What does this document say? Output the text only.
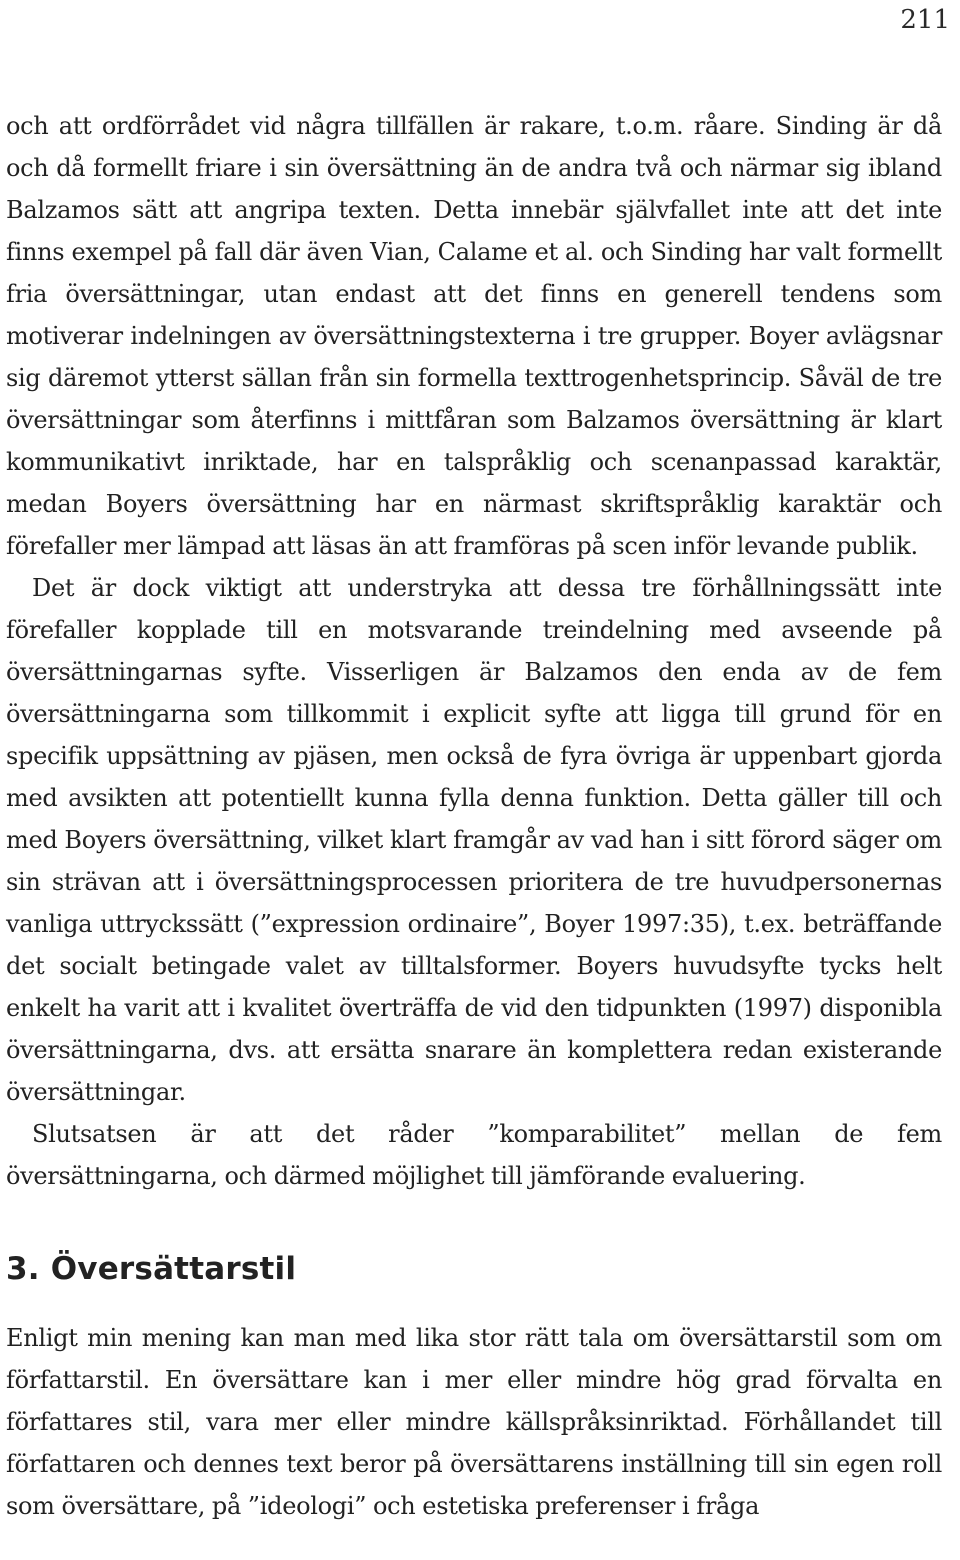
211

och att ordförrådet vid några tillfällen är rakare, t.o.m. råare. Sinding är då och då formellt friare i sin översättning än de andra två och närmar sig ibland Balzamos sätt att angripa texten. Detta innebär självfallet inte att det inte finns exempel på fall där även Vian, Calame et al. och Sinding har valt formellt fria översättningar, utan endast att det finns en generell tendens som motiverar indelningen av översättningstexterna i tre grupper. Boyer avlägsnar sig däremot ytterst sällan från sin formella texttrogenhetsprincip. Såväl de tre översättningar som återfinns i mittfåran som Balzamos översättning är klart kommunikativt inriktade, har en talspråklig och scenanpassad karaktär, medan Boyers översättning har en närmast skriftspråklig karaktär och förefaller mer lämpad att läsas än att framföras på scen inför levande publik.

Det är dock viktigt att understryka att dessa tre förhållningssätt inte förefaller kopplade till en motsvarande treindelning med avseende på översättningarnas syfte. Visserligen är Balzamos den enda av de fem översättningarna som tillkommit i explicit syfte att ligga till grund för en specifik uppsättning av pjäsen, men också de fyra övriga är uppenbart gjorda med avsikten att potentiellt kunna fylla denna funktion. Detta gäller till och med Boyers översättning, vilket klart framgår av vad han i sitt förord säger om sin strävan att i översättningsprocessen prioritera de tre huvudpersonernas vanliga uttryckssätt (”expression ordinaire”, Boyer 1997:35), t.ex. beträffande det socialt betingade valet av tilltalsformer. Boyers huvudsyfte tycks helt enkelt ha varit att i kvalitet överträffa de vid den tidpunkten (1997) disponibla översättningarna, dvs. att ersätta snarare än komplettera redan existerande översättningar.

Slutsatsen är att det råder ”komparabilitet” mellan de fem översättningarna, och därmed möjlighet till jämförande evaluering.

3. Översättarstil

Enligt min mening kan man med lika stor rätt tala om översättarstil som om författarstil. En översättare kan i mer eller mindre hög grad förvalta en författares stil, vara mer eller mindre källspråksinriktad. Förhållandet till författaren och dennes text beror på översättarens inställning till sin egen roll som översättare, på ”ideologi” och estetiska preferenser i fråga
